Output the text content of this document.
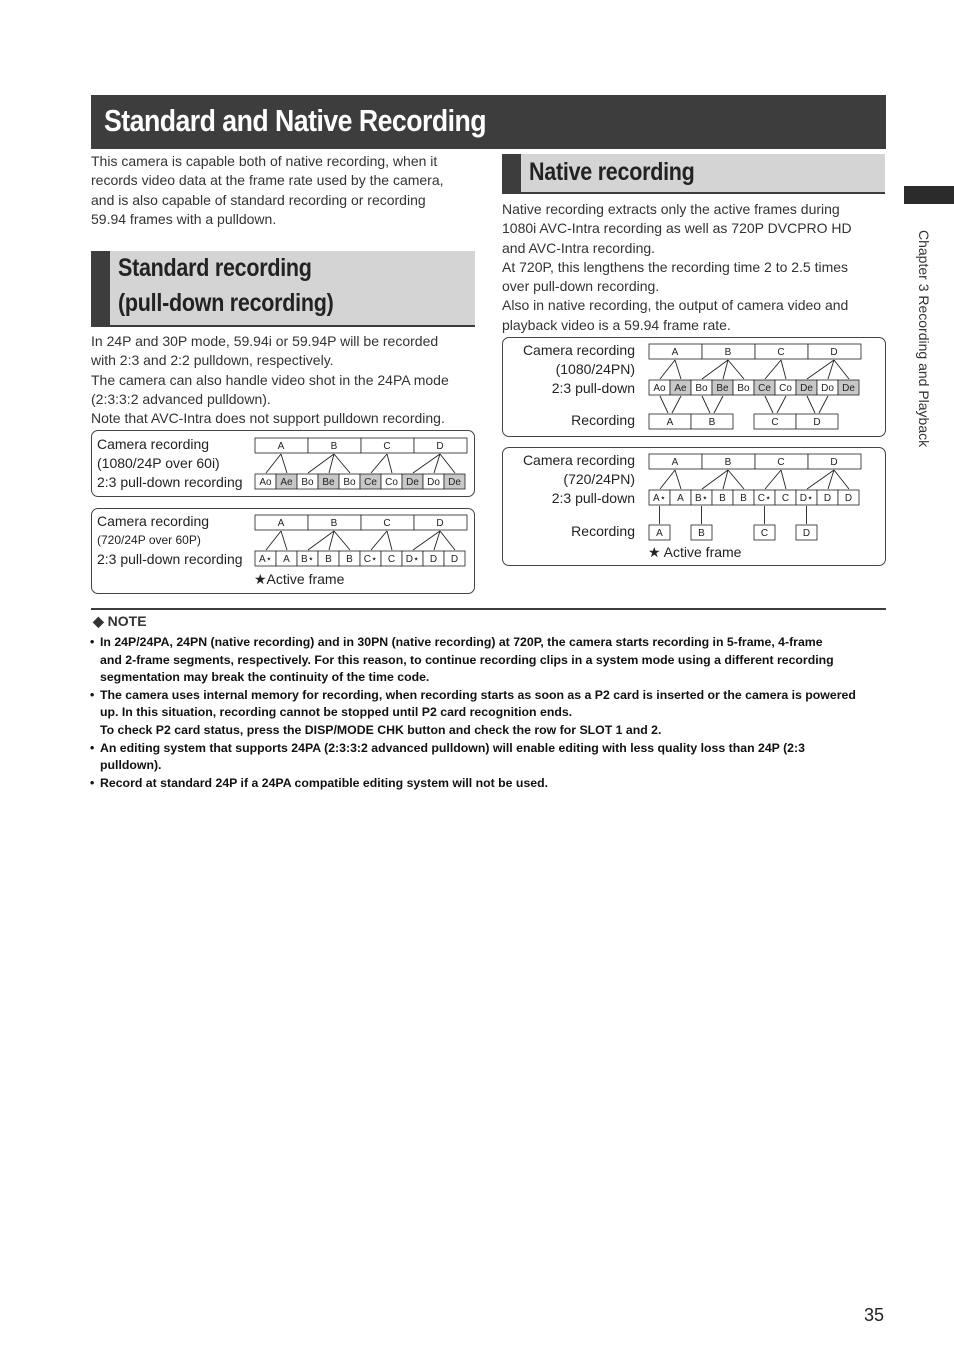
Standard and Native Recording
Chapter 3 Recording and Playback
This camera is capable both of native recording, when it
records video data at the frame rate used by the camera,
and is also capable of standard recording or recording
59.94 frames with a pulldown.
Standard recording
(pull-down recording)
In 24P and 30P mode, 59.94i or 59.94P will be recorded
with 2:3 and 2:2 pulldown, respectively.
The camera can also handle video shot in the 24PA mode
(2:3:3:2 advanced pulldown).
Note that AVC-Intra does not support pulldown recording.
Camera recording
(1080/24P over 60i)
2:3 pull-down recording
A	B	C	D
Ao Ae Bo Be Bo Ce Co De Do De
Camera recording
(720/24P over 60P)
2:3 pull-down recording
A	B	C	D
A⋆ A B⋆ B B C⋆ C D⋆ D D
★Active frame
Native recording
Native recording extracts only the active frames during
1080i AVC-Intra recording as well as 720P DVCPRO HD
and AVC-Intra recording.
At 720P, this lengthens the recording time 2 to 2.5 times
over pull-down recording.
Also in native recording, the output of camera video and
playback video is a 59.94 frame rate.
Camera recording
(1080/24PN)
2:3 pull-down
Recording
A	B	C	D
Ao Ae Bo Be Bo Ce Co De Do De
A	B	C	D
Camera recording
(720/24PN)
2:3 pull-down
Recording
A	B	C	D
A⋆ A B⋆ B B C⋆ C D⋆ D D
A	B	C	D
★ Active frame
◆ NOTE
• In 24P/24PA, 24PN (native recording) and in 30PN (native recording) at 720P, the camera starts recording in 5-frame, 4-frame
and 2-frame segments, respectively. For this reason, to continue recording clips in a system mode using a different recording
segmentation may break the continuity of the time code.
• The camera uses internal memory for recording, when recording starts as soon as a P2 card is inserted or the camera is powered
up. In this situation, recording cannot be stopped until P2 card recognition ends.
To check P2 card status, press the DISP/MODE CHK button and check the row for SLOT 1 and 2.
• An editing system that supports 24PA (2:3:3:2 advanced pulldown) will enable editing with less quality loss than 24P (2:3
pulldown).
• Record at standard 24P if a 24PA compatible editing system will not be used.
35
